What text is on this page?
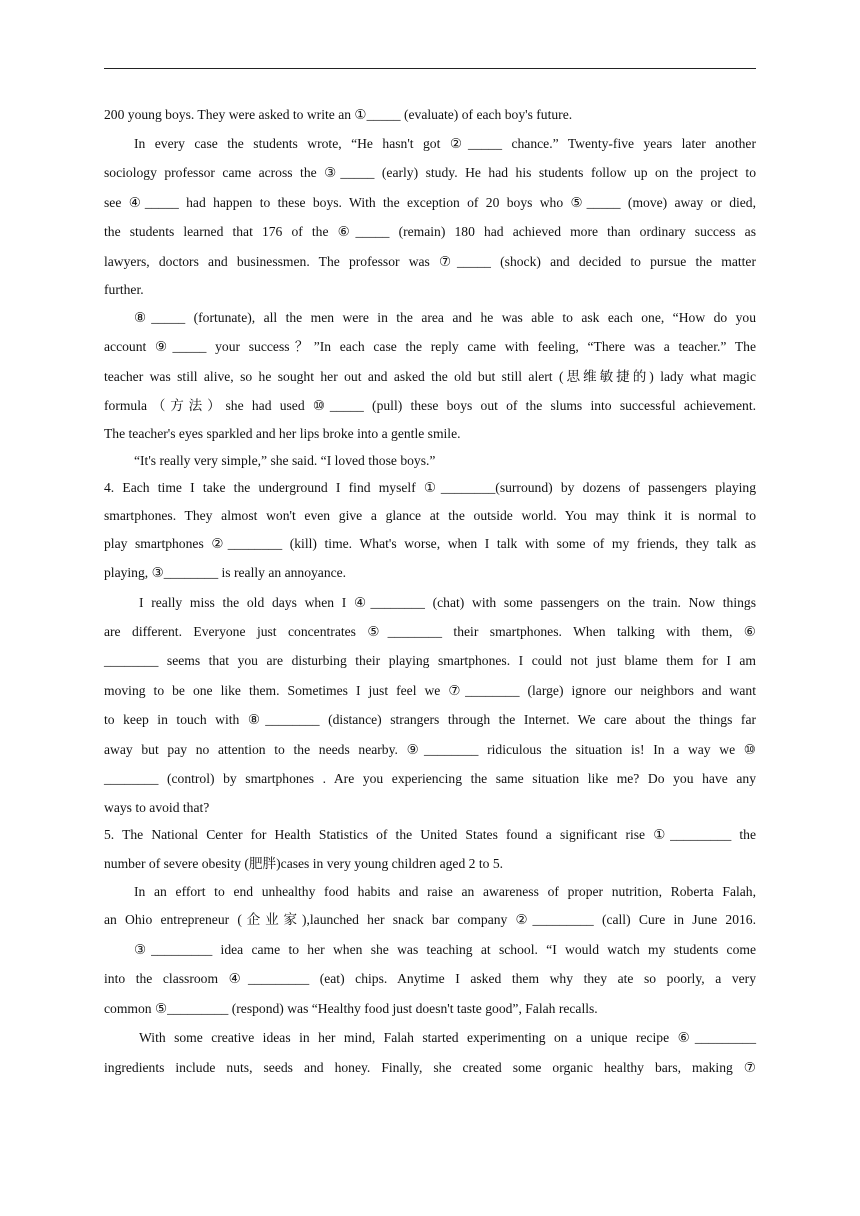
200 young boys. They were asked to write an ①_____ (evaluate) of each boy's future.
In every case the students wrote, “He hasn't got ②_____ chance.” Twenty-five years later another
sociology professor came across the ③_____ (early) study. He had his students follow up on the project to
see ④_____ had happen to these boys. With the exception of 20 boys who ⑤_____ (move) away or died,
the students learned that 176 of the ⑥_____ (remain) 180 had achieved more than ordinary success as
lawyers, doctors and businessmen. The professor was ⑦_____ (shock) and decided to pursue the matter
further.
⑧_____ (fortunate), all the men were in the area and he was able to ask each one, “How do you
account ⑨_____ your success？”In each case the reply came with feeling, “There was a teacher.” The
teacher was still alive, so he sought her out and asked the old but still alert (思维敏捷的) lady what magic
formula（方法）she had used ⑩_____ (pull) these boys out of the slums into successful achievement.
The teacher's eyes sparkled and her lips broke into a gentle smile.
“It's really very simple,” she said. “I loved those boys.”
4. Each time I take the underground I find myself ①________(surround) by dozens of passengers playing
smartphones. They almost won't even give a glance at the outside world. You may think it is normal to
play smartphones ②________ (kill) time. What's worse, when I talk with some of my friends, they talk as
playing, ③________ is really an annoyance.
I really miss the old days when I ④________ (chat) with some passengers on the train. Now things
are different. Everyone just concentrates ⑤________ their smartphones. When talking with them, ⑥
________ seems that you are disturbing their playing smartphones. I could not just blame them for I am
moving to be one like them. Sometimes I just feel we ⑦________ (large) ignore our neighbors and want
to keep in touch with ⑧________ (distance) strangers through the Internet. We care about the things far
away but pay no attention to the needs nearby. ⑨________ ridiculous the situation is! In a way we ⑩
________ (control) by smartphones . Are you experiencing the same situation like me? Do you have any
ways to avoid that?
5. The National Center for Health Statistics of the United States found a significant rise ①_________ the
number of severe obesity (肥胖)cases in very young children aged 2 to 5.
In an effort to end unhealthy food habits and raise an awareness of proper nutrition, Roberta Falah,
an Ohio entrepreneur (企业家),launched her snack bar company ②_________ (call) Cure in June 2016.
③_________ idea came to her when she was teaching at school. “I would watch my students come
into the classroom ④_________ (eat) chips. Anytime I asked them why they ate so poorly, a very
common ⑤_________ (respond) was “Healthy food just doesn't taste good”, Falah recalls.
With some creative ideas in her mind, Falah started experimenting on a unique recipe ⑥_________
ingredients include nuts, seeds and honey. Finally, she created some organic healthy bars, making ⑦
